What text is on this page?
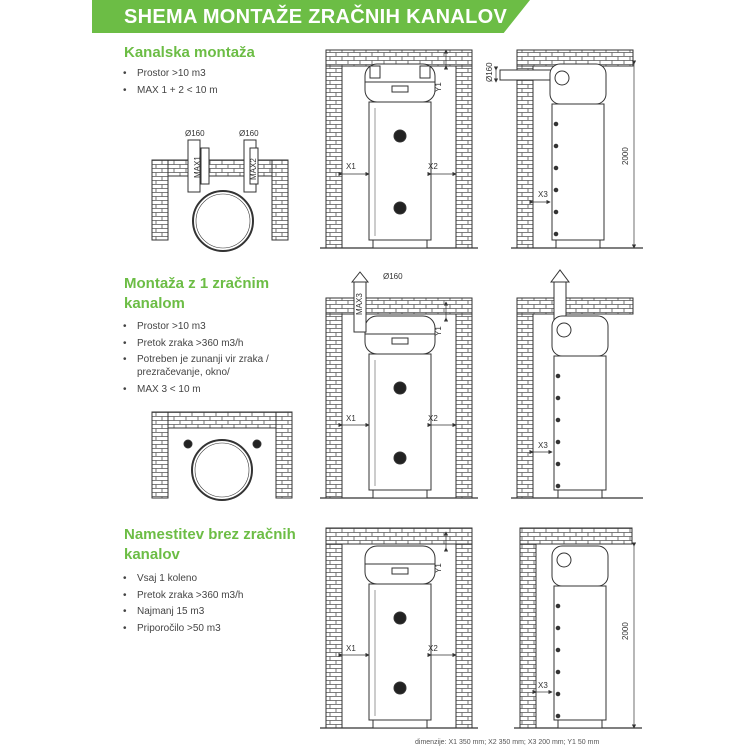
SHEMA MONTAŽE ZRAČNIH KANALOV
Kanalska montaža
• Prostor >10 m3
• MAX 1 + 2 < 10 m
Montaža z 1 zračnim kanalom
• Prostor >10 m3
• Pretok zraka >360 m3/h
• Potreben je zunanji vir zraka / prezračevanje, okno/
• MAX 3 < 10 m
Namestitev brez zračnih kanalov
• Vsaj 1 koleno
• Pretok zraka >360 m3/h
• Najmanj 15 m3
• Priporočilo >50 m3
Ø160	Ø160
MAX1	MAX2	X1	X2
Y1
Ø160
X3
2000
Ø160
MAX3
X1	X2
Y1
X3
X1	X2
Y1
X3
2000
dimenzije: X1 350 mm; X2 350 mm; X3 200 mm; Y1 50 mm
